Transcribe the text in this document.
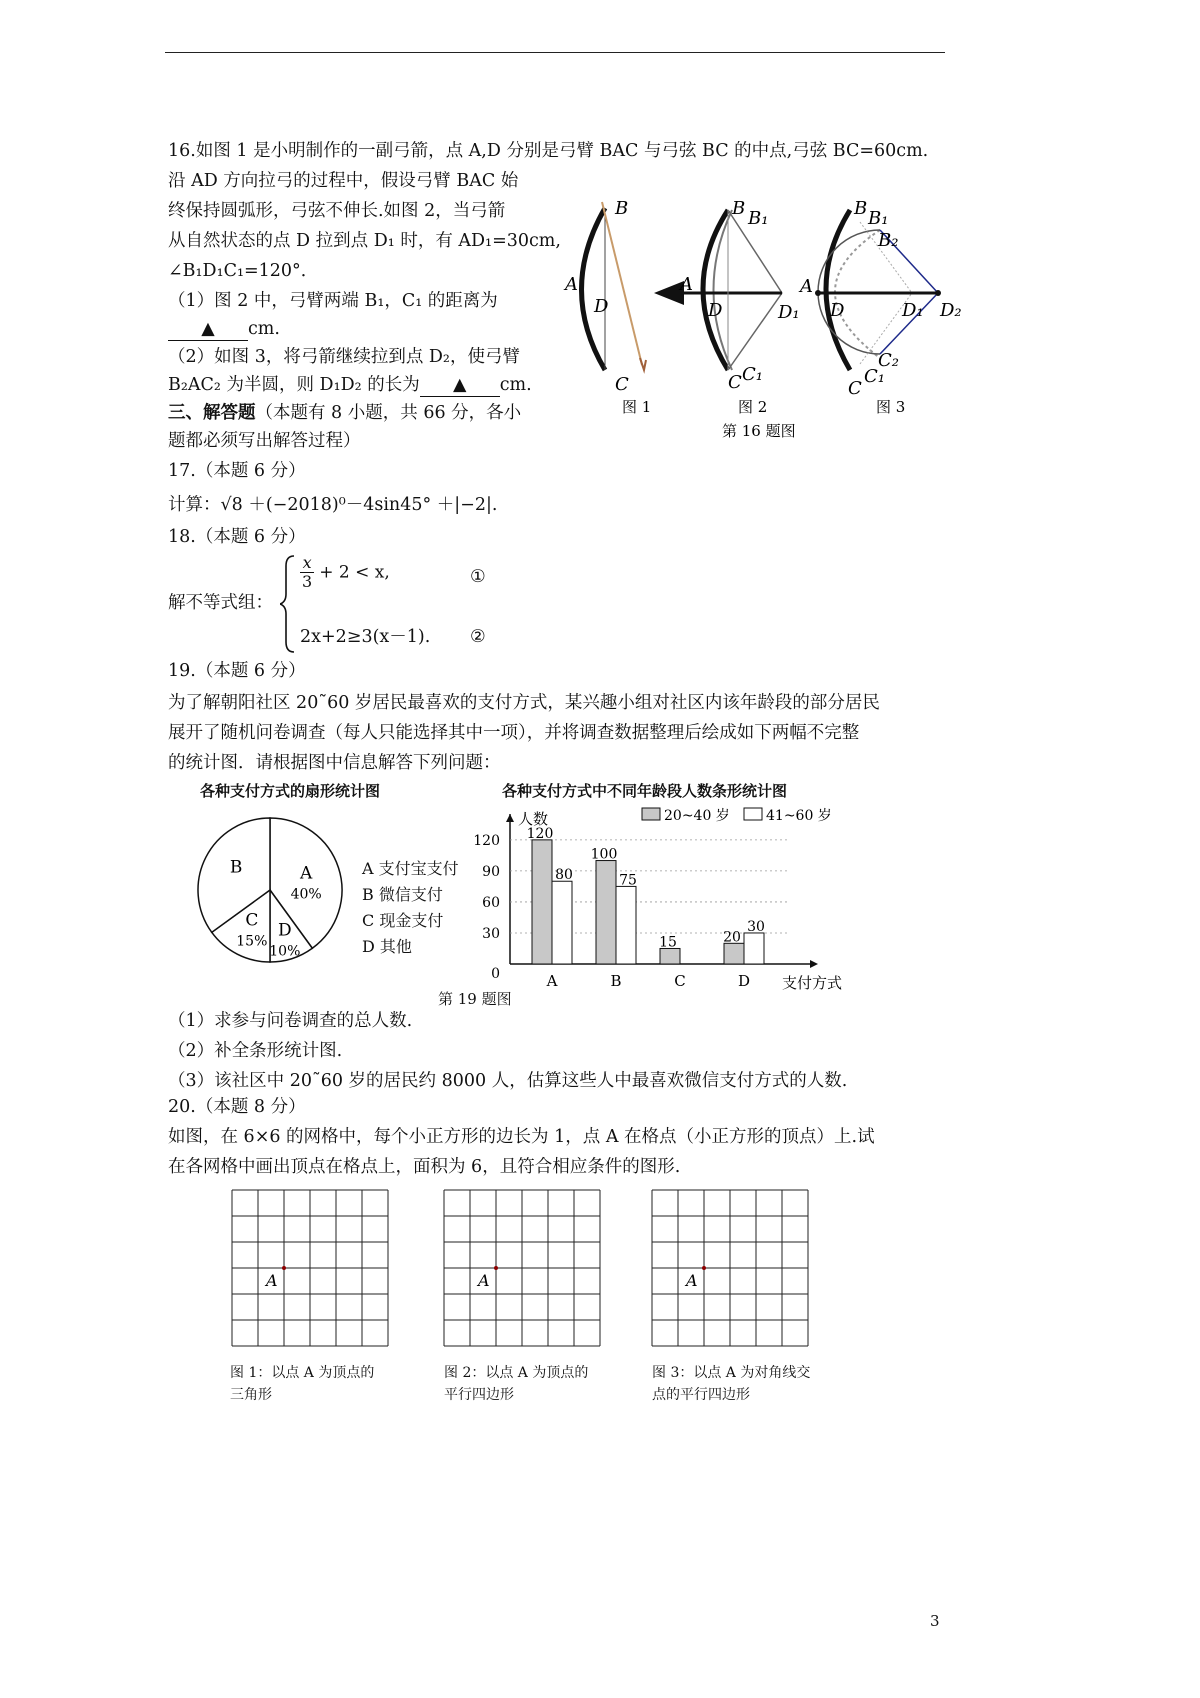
16.如图 1 是小明制作的一副弓箭，点 A,D 分别是弓臂 BAC 与弓弦 BC 的中点,弓弦 BC=60cm.
沿 AD 方向拉弓的过程中，假设弓臂 BAC 始
终保持圆弧形，弓弦不伸长.如图 2，当弓箭
从自然状态的点 D 拉到点 D₁ 时，有 AD₁=30cm,
∠B₁D₁C₁=120°．
（1）图 2 中，弓臂两端 B₁，C₁ 的距离为
▲ cm.
（2）如图 3，将弓箭继续拉到点 D₂，使弓臂
B₂AC₂ 为半圆，则 D₁D₂ 的长为 ▲ cm.
三、解答题（本题有 8 小题，共 66 分，各小
题都必须写出解答过程）
B
A
D
C
图 1
B B₁
A
D	D₁
C C₁
图 2
B B₁
B₂
A
D	D₁ D₂
C₂
C₁
C
图 3
第 16 题图
17.（本题 6 分）
计算：√8 ＋(−2018)⁰－4sin45° ＋|−2|.
18.（本题 6 分）
解不等式组：
$\frac{x}{3} + 2 < x$,	①
2x+2≥3(x－1). ②
19.（本题 6 分）
为了解朝阳社区 20˜60 岁居民最喜欢的支付方式，某兴趣小组对社区内该年龄段的部分居民
展开了随机问卷调查（每人只能选择其中一项），并将调查数据整理后绘成如下两幅不完整
的统计图．请根据图中信息解答下列问题：
各种支付方式的扇形统计图	各种支付方式中不同年龄段人数条形统计图
A
40%
D
10%
C
15%
B	A 支付宝支付
B 微信支付
C 现金支付
D 其他
人数
支付方式
0
30
60
90
120 120
80
A
100
75
B
15
C
20
30
D
20~40 岁	41~60 岁
第 19 题图
（1）求参与问卷调查的总人数.
（2）补全条形统计图.
（3）该社区中 20˜60 岁的居民约 8000 人，估算这些人中最喜欢微信支付方式的人数.
20.（本题 8 分）
如图，在 6×6 的网格中，每个小正方形的边长为 1，点 A 在格点（小正方形的顶点）上.试
在各网格中画出顶点在格点上，面积为 6，且符合相应条件的图形.
A	A	A
图 1：以点 A 为顶点的
三角形
图 2：以点 A 为顶点的
平行四边形
图 3：以点 A 为对角线交
点的平行四边形
3
